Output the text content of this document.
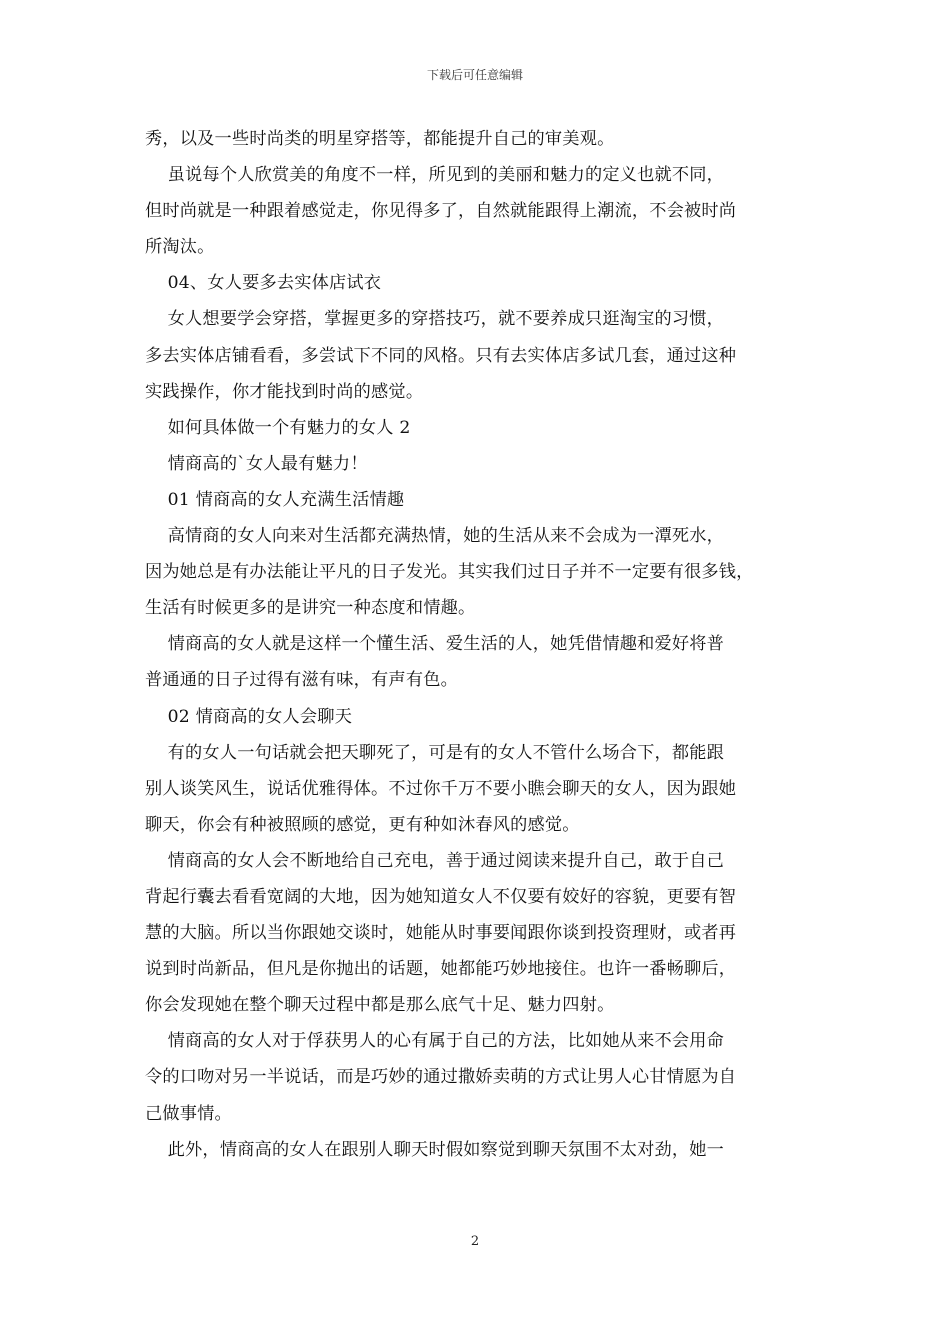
下载后可任意编辑
秀，以及一些时尚类的明星穿搭等，都能提升自己的审美观。
虽说每个人欣赏美的角度不一样，所见到的美丽和魅力的定义也就不同，
但时尚就是一种跟着感觉走，你见得多了，自然就能跟得上潮流，不会被时尚
所淘汰。
04、女人要多去实体店试衣
女人想要学会穿搭，掌握更多的穿搭技巧，就不要养成只逛淘宝的习惯，
多去实体店铺看看，多尝试下不同的风格。只有去实体店多试几套，通过这种
实践操作，你才能找到时尚的感觉。
如何具体做一个有魅力的女人 2
情商高的`女人最有魅力！
01 情商高的女人充满生活情趣
高情商的女人向来对生活都充满热情，她的生活从来不会成为一潭死水，
因为她总是有办法能让平凡的日子发光。其实我们过日子并不一定要有很多钱，
生活有时候更多的是讲究一种态度和情趣。
情商高的女人就是这样一个懂生活、爱生活的人，她凭借情趣和爱好将普
普通通的日子过得有滋有味，有声有色。
02 情商高的女人会聊天
有的女人一句话就会把天聊死了，可是有的女人不管什么场合下，都能跟
别人谈笑风生，说话优雅得体。不过你千万不要小瞧会聊天的女人，因为跟她
聊天，你会有种被照顾的感觉，更有种如沐春风的感觉。
情商高的女人会不断地给自己充电，善于通过阅读来提升自己，敢于自己
背起行囊去看看宽阔的大地，因为她知道女人不仅要有姣好的容貌，更要有智
慧的大脑。所以当你跟她交谈时，她能从时事要闻跟你谈到投资理财，或者再
说到时尚新品，但凡是你抛出的话题，她都能巧妙地接住。也许一番畅聊后，
你会发现她在整个聊天过程中都是那么底气十足、魅力四射。
情商高的女人对于俘获男人的心有属于自己的方法，比如她从来不会用命
令的口吻对另一半说话，而是巧妙的通过撒娇卖萌的方式让男人心甘情愿为自
己做事情。
此外，情商高的女人在跟别人聊天时假如察觉到聊天氛围不太对劲，她一
2
